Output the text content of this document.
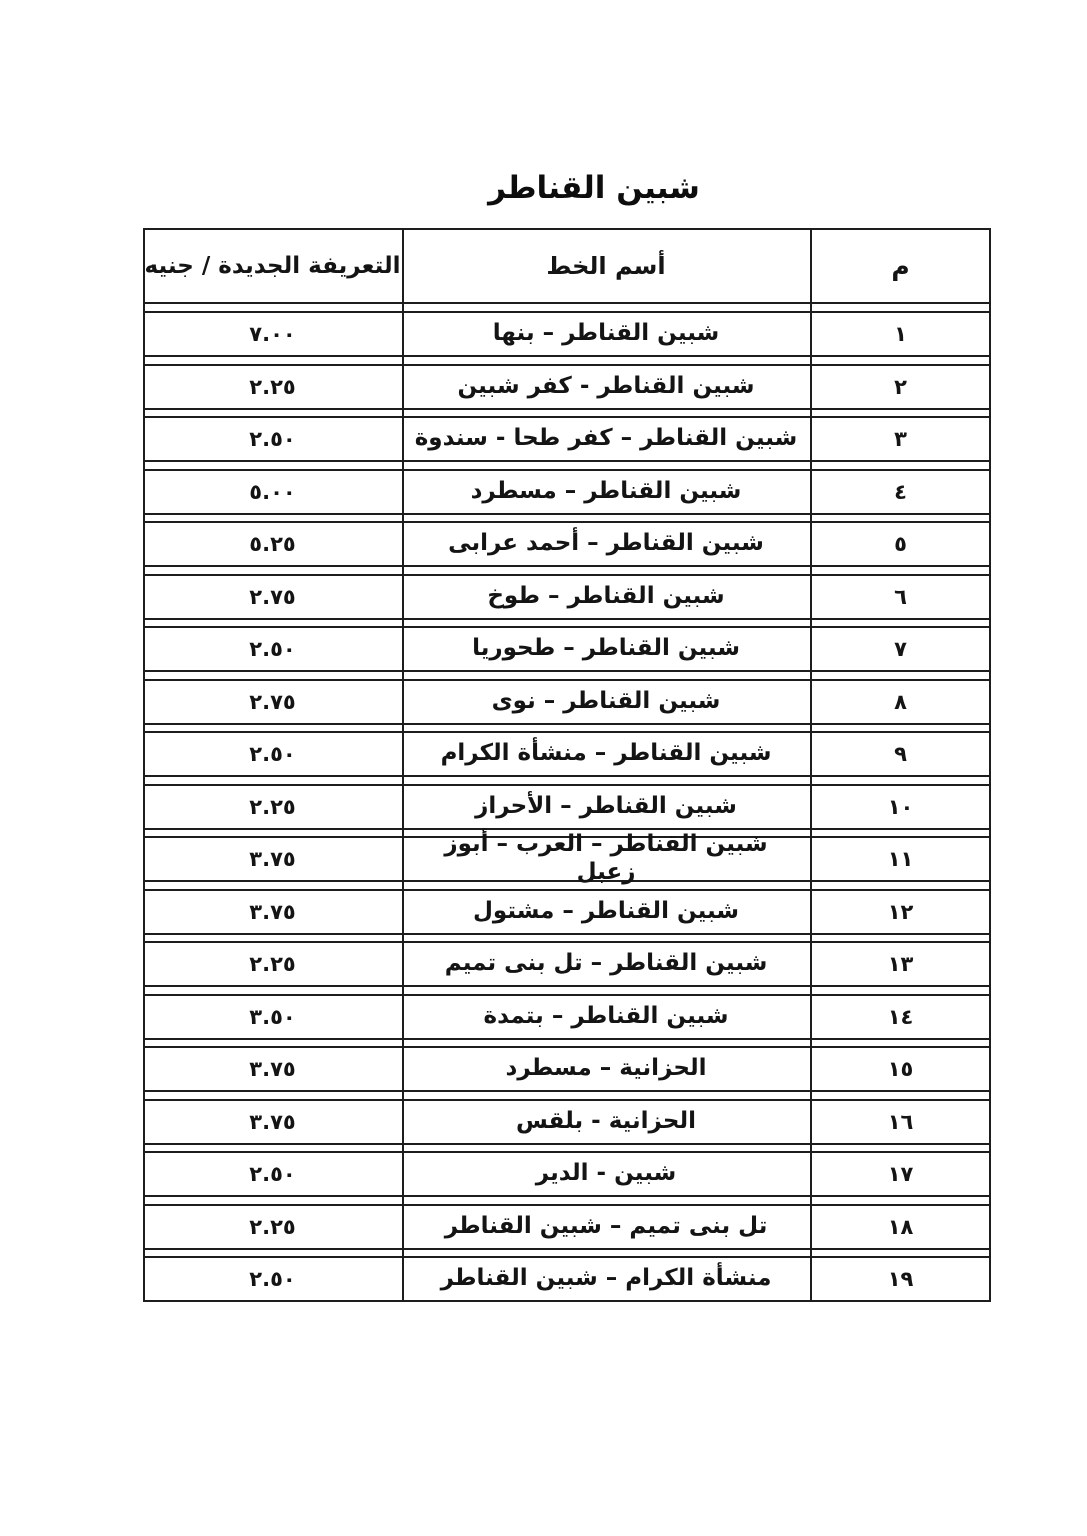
شبين القناطر
م
أسم الخط
التعريفة الجديدة / جنيه
١
شبين القناطر – بنها
٧.٠٠
٢
شبين القناطر - كفر شبين
٢.٢٥
٣
شبين القناطر – كفر طحا - سندوة
٢.٥٠
٤
شبين القناطر – مسطرد
٥.٠٠
٥
شبين القناطر – أحمد عرابى
٥.٢٥
٦
شبين القناطر – طوخ
٢.٧٥
٧
شبين القناطر – طحوريا
٢.٥٠
٨
شبين القناطر – نوى
٢.٧٥
٩
شبين القناطر – منشأة الكرام
٢.٥٠
١٠
شبين القناطر – الأحراز
٢.٢٥
١١
شبين القناطر – العرب – أبوز زعبل
٣.٧٥
١٢
شبين القناطر – مشتول
٣.٧٥
١٣
شبين القناطر – تل بنى تميم
٢.٢٥
١٤
شبين القناطر – بتمدة
٣.٥٠
١٥
الحزانية – مسطرد
٣.٧٥
١٦
الحزانية - بلقس
٣.٧٥
١٧
شبين - الدير
٢.٥٠
١٨
تل بنى تميم – شبين القناطر
٢.٢٥
١٩
منشأة الكرام – شبين القناطر
٢.٥٠
